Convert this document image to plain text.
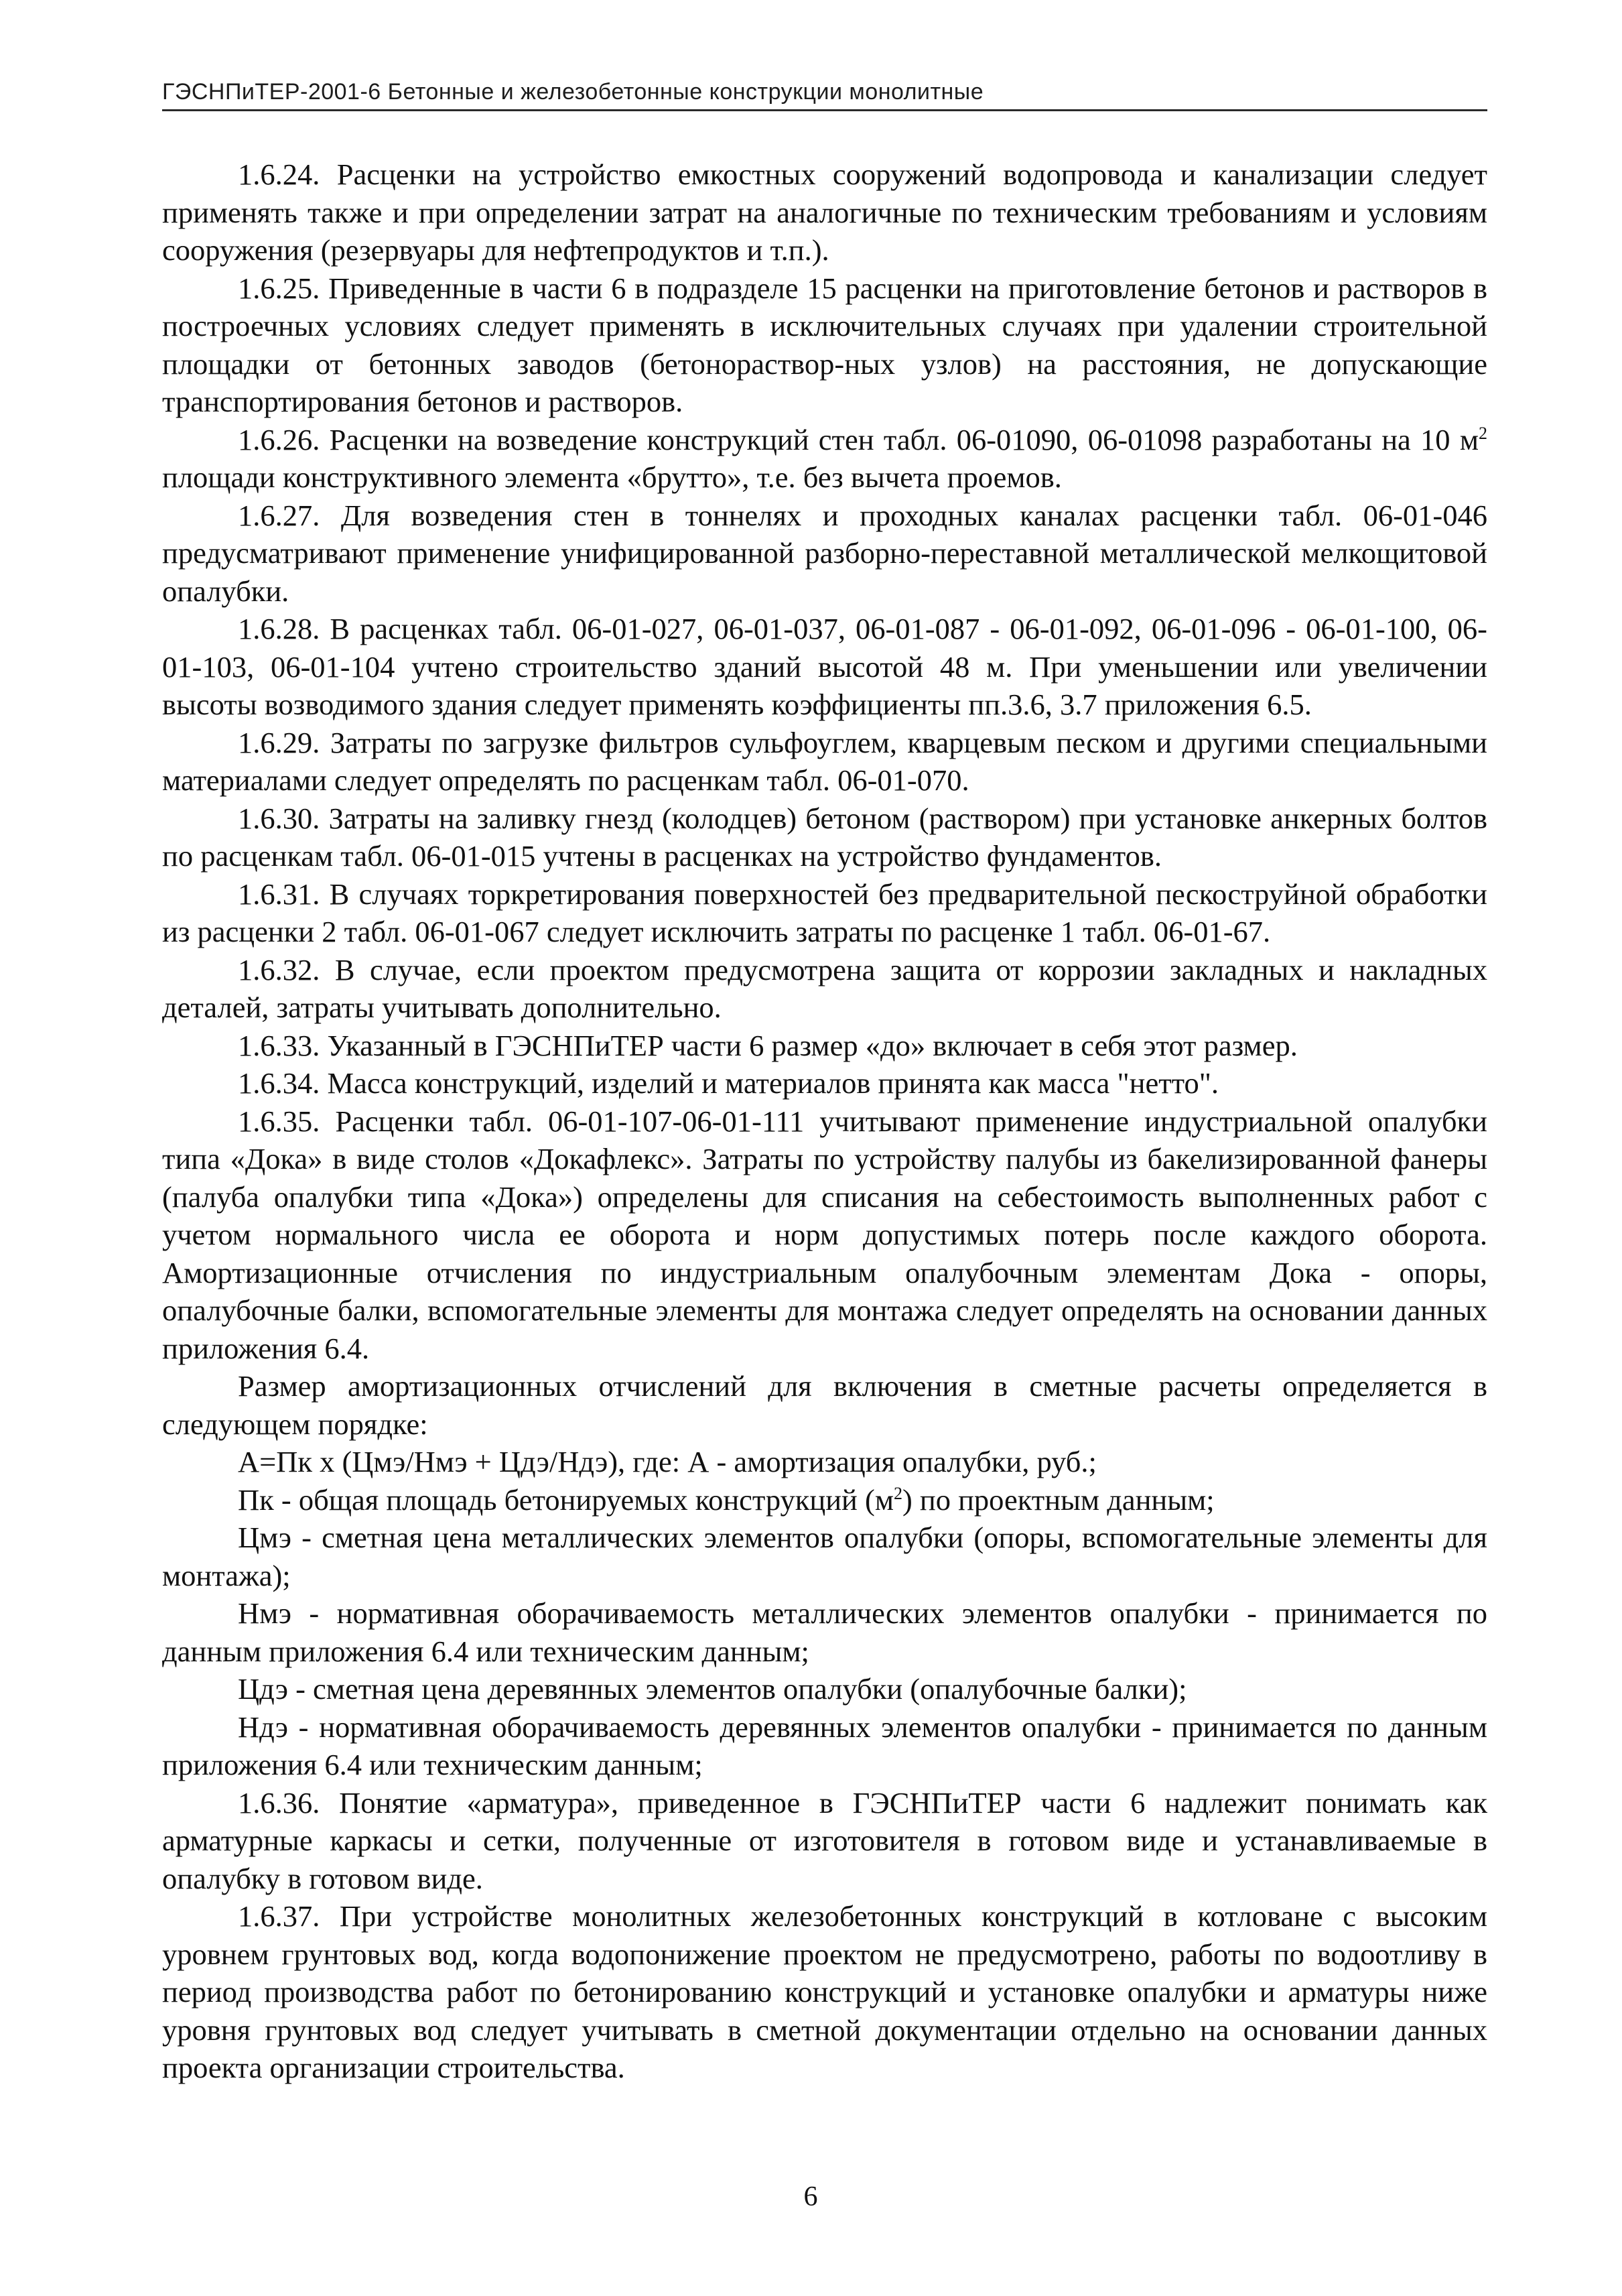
ГЭСНПиТЕР-2001-6 Бетонные и железобетонные конструкции монолитные

1.6.24. Расценки на устройство емкостных сооружений водопровода и канализации следует применять также и при определении затрат на аналогичные по техническим требованиям и условиям сооружения (резервуары для нефтепродуктов и т.п.).

1.6.25. Приведенные в части 6 в подразделе 15 расценки на приготовление бетонов и растворов в построечных условиях следует применять в исключительных случаях при удалении строительной площадки от бетонных заводов (бетонораствор-ных узлов) на расстояния, не допускающие транспортирования бетонов и растворов.

1.6.26. Расценки на возведение конструкций стен табл. 06-01090, 06-01098 разработаны на 10 $м^2$ площади конструктивного элемента «брутто», т.е. без вычета проемов.

1.6.27. Для возведения стен в тоннелях и проходных каналах расценки табл. 06-01-046 предусматривают применение унифицированной разборно-переставной металлической мелкощитовой опалубки.

1.6.28. В расценках табл. 06-01-027, 06-01-037, 06-01-087 - 06-01-092, 06-01-096 - 06-01-100, 06-01-103, 06-01-104 учтено строительство зданий высотой 48 м. При уменьшении или увеличении высоты возводимого здания следует применять коэффициенты пп.3.6, 3.7 приложения 6.5.

1.6.29. Затраты по загрузке фильтров сульфоуглем, кварцевым песком и другими специальными материалами следует определять по расценкам табл. 06-01-070.

1.6.30. Затраты на заливку гнезд (колодцев) бетоном (раствором) при установке анкерных болтов по расценкам табл. 06-01-015 учтены в расценках на устройство фундаментов.

1.6.31. В случаях торкретирования поверхностей без предварительной пескоструйной обработки из расценки 2 табл. 06-01-067 следует исключить затраты по расценке 1 табл. 06-01-67.

1.6.32. В случае, если проектом предусмотрена защита от коррозии закладных и накладных деталей, затраты учитывать дополнительно.

1.6.33. Указанный в ГЭСНПиТЕР части 6 размер «до» включает в себя этот размер.

1.6.34. Масса конструкций, изделий и материалов принята как масса "нетто".

1.6.35. Расценки табл. 06-01-107-06-01-111 учитывают применение индустриальной опалубки типа «Дока» в виде столов «Докафлекс». Затраты по устройству палубы из бакелизированной фанеры (палуба опалубки типа «Дока») определены для списания на себестоимость выполненных работ с учетом нормального числа ее оборота и норм допустимых потерь после каждого оборота. Амортизационные отчисления по индустриальным опалубочным элементам Дока - опоры, опалубочные балки, вспомогательные элементы для монтажа следует определять на основании данных приложения 6.4.

Размер амортизационных отчислений для включения в сметные расчеты определяется в следующем порядке:

А=Пк х (Цмэ/Нмэ + Цдэ/Ндэ), где: А - амортизация опалубки, руб.;

Пк - общая площадь бетонируемых конструкций $(м^2)$ по проектным данным;

Цмэ - сметная цена металлических элементов опалубки (опоры, вспомогательные элементы для монтажа);

Нмэ - нормативная оборачиваемость металлических элементов опалубки - принимается по данным приложения 6.4 или техническим данным;

Цдэ - сметная цена деревянных элементов опалубки (опалубочные балки);

Ндэ - нормативная оборачиваемость деревянных элементов опалубки - принимается по данным приложения 6.4 или техническим данным;

1.6.36. Понятие «арматура», приведенное в ГЭСНПиТЕР части 6 надлежит понимать как арматурные каркасы и сетки, полученные от изготовителя в готовом виде и устанавливаемые в опалубку в готовом виде.

1.6.37. При устройстве монолитных железобетонных конструкций в котловане с высоким уровнем грунтовых вод, когда водопонижение проектом не предусмотрено, работы по водоотливу в период производства работ по бетонированию конструкций и установке опалубки и арматуры ниже уровня грунтовых вод следует учитывать в сметной документации отдельно на основании данных проекта организации строительства.

6
